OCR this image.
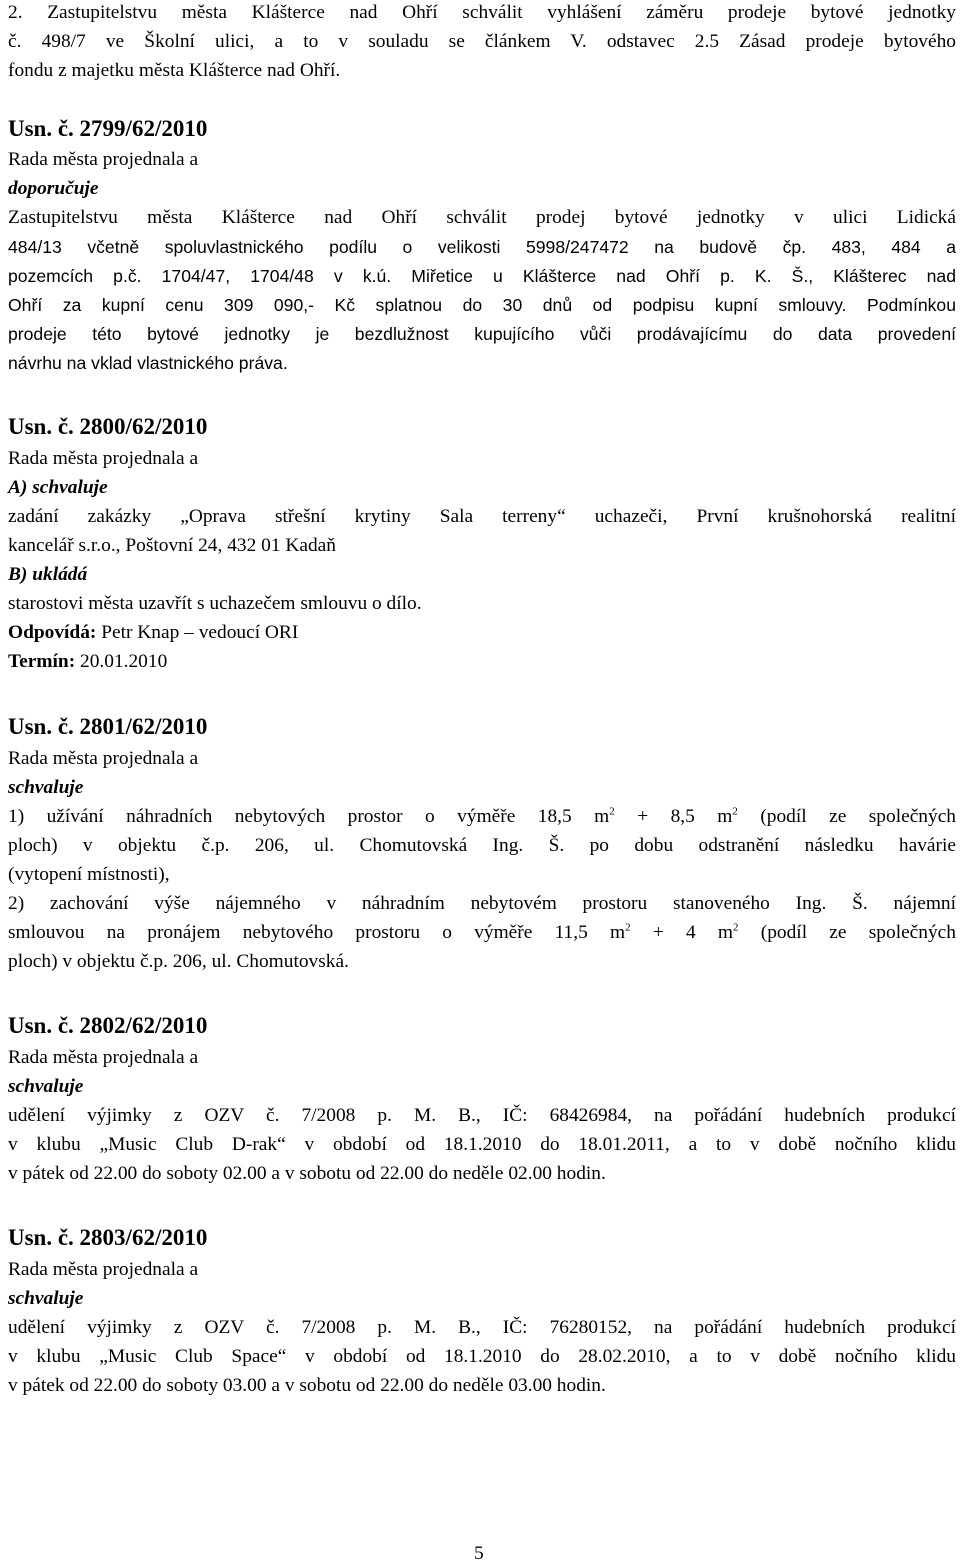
2. Zastupitelstvu města Klášterce nad Ohří schválit vyhlášení záměru prodeje bytové jednotky
č. 498/7 ve Školní ulici, a to v souladu se článkem V. odstavec 2.5 Zásad prodeje bytového
fondu z majetku města Klášterce nad Ohří.
Usn. č. 2799/62/2010
Rada města projednala a
doporučuje
Zastupitelstvu města Klášterce nad Ohří schválit prodej bytové jednotky v ulici Lidická
484/13 včetně spoluvlastnického podílu o velikosti 5998/247472 na budově čp. 483, 484 a
pozemcích p.č. 1704/47, 1704/48 v k.ú. Miřetice u Klášterce nad Ohří p. K. Š., Klášterec nad
Ohří za kupní cenu 309 090,- Kč splatnou do 30 dnů od podpisu kupní smlouvy. Podmínkou
prodeje této bytové jednotky je bezdlužnost kupujícího vůči prodávajícímu do data provedení
návrhu na vklad vlastnického práva.
Usn. č. 2800/62/2010
Rada města projednala a
A) schvaluje
zadání zakázky „Oprava střešní krytiny Sala terreny“ uchazeči, První krušnohorská realitní
kancelář s.r.o., Poštovní 24, 432 01 Kadaň
B) ukládá
starostovi města uzavřít s uchazečem smlouvu o dílo.
Odpovídá: Petr Knap – vedoucí ORI
Termín: 20.01.2010
Usn. č. 2801/62/2010
Rada města projednala a
schvaluje
1) užívání náhradních nebytových prostor o výměře 18,5 $m^2 + 8,5$ $m^2$ (podíl ze společných
ploch) v objektu č.p. 206, ul. Chomutovská Ing. Š. po dobu odstranění následku havárie
(vytopení místnosti),
2) zachování výše nájemného v náhradním nebytovém prostoru stanoveného Ing. Š. nájemní
smlouvou na pronájem nebytového prostoru o výměře 11,5 $m^2 + 4$ $m^2$ (podíl ze společných
ploch) v objektu č.p. 206, ul. Chomutovská.
Usn. č. 2802/62/2010
Rada města projednala a
schvaluje
udělení výjimky z OZV č. 7/2008 p. M. B., IČ: 68426984, na pořádání hudebních produkcí
v klubu „Music Club D-rak“ v období od 18.1.2010 do 18.01.2011, a to v době nočního klidu
v pátek od 22.00 do soboty 02.00 a v sobotu od 22.00 do neděle 02.00 hodin.
Usn. č. 2803/62/2010
Rada města projednala a
schvaluje
udělení výjimky z OZV č. 7/2008 p. M. B., IČ: 76280152, na pořádání hudebních produkcí
v klubu „Music Club Space“ v období od 18.1.2010 do 28.02.2010, a to v době nočního klidu
v pátek od 22.00 do soboty 03.00 a v sobotu od 22.00 do neděle 03.00 hodin.
5
